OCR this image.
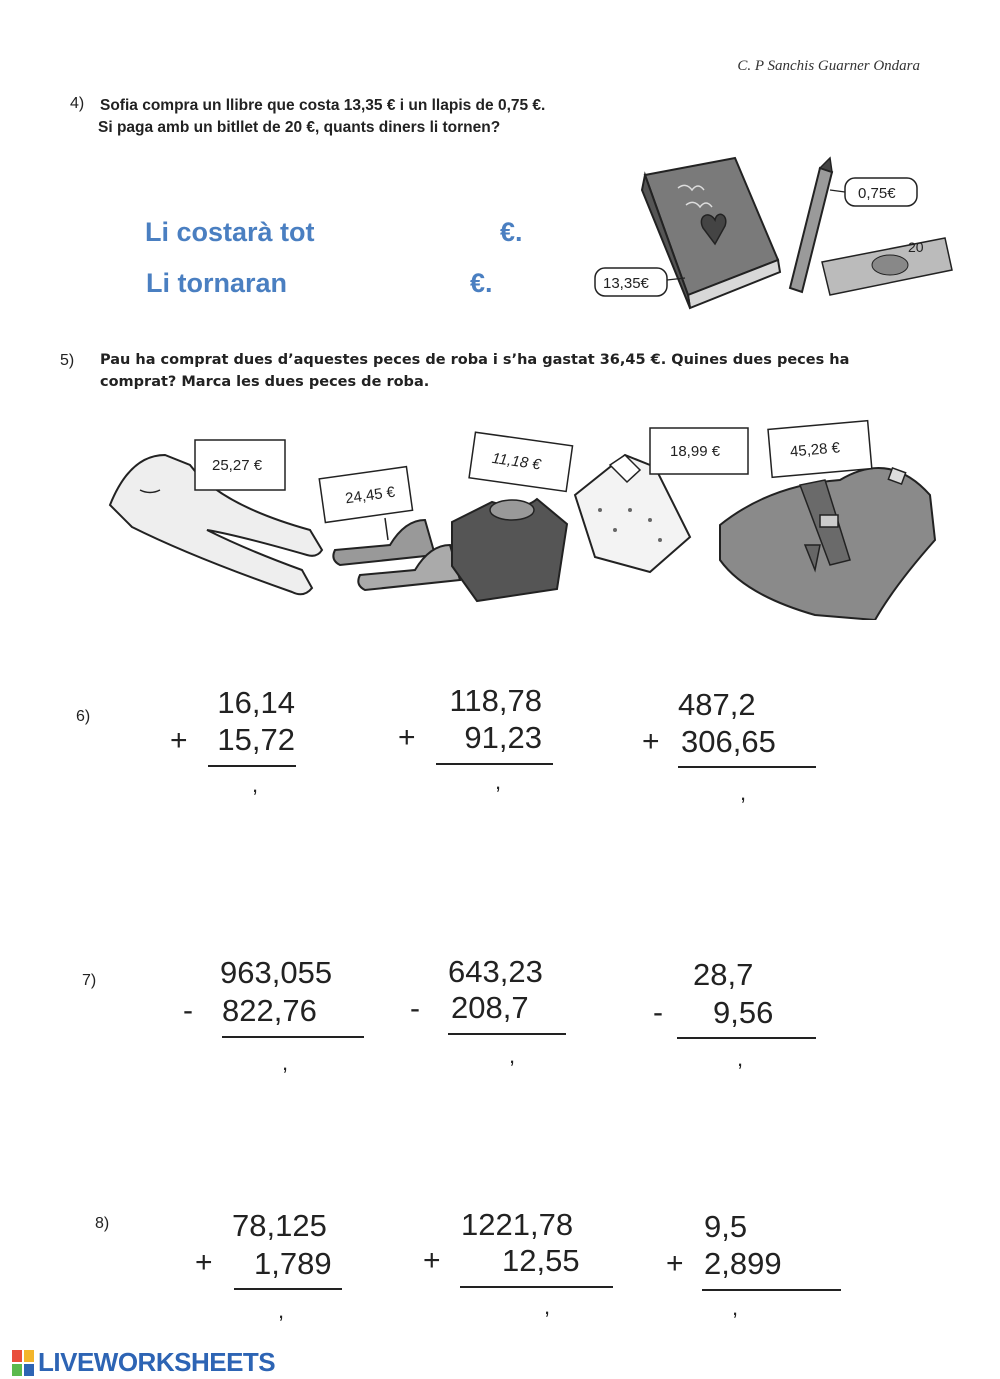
C. P Sanchis Guarner Ondara
4) Sofia compra un llibre que costa 13,35 € i un llapis de 0,75 €.
Si paga amb un bitllet de 20 €, quants diners li tornen?
Li costarà tot	€.
Li tornaran	€.
0,75€
13,35€
20
5) Pau ha comprat dues d’aquestes peces de roba i s’ha gastat 36,45 €. Quines dues peces ha
comprat? Marca les dues peces de roba.
25,27 €
24,45 €
11,18 €	18,99 €	45,28 €
6)	16,14
+ 15,72
,
118,78
+	91,23
,
487,2
+ 306,65
,
7)	963,055
- 822,76
,
643,23
- 208,7
,
28,7
- 9,56
,
8)	78,125
+ 1,789
,
1221,78
+ 12,55
,
9,5
+ 2,899
,
LIVEWORKSHEETS
